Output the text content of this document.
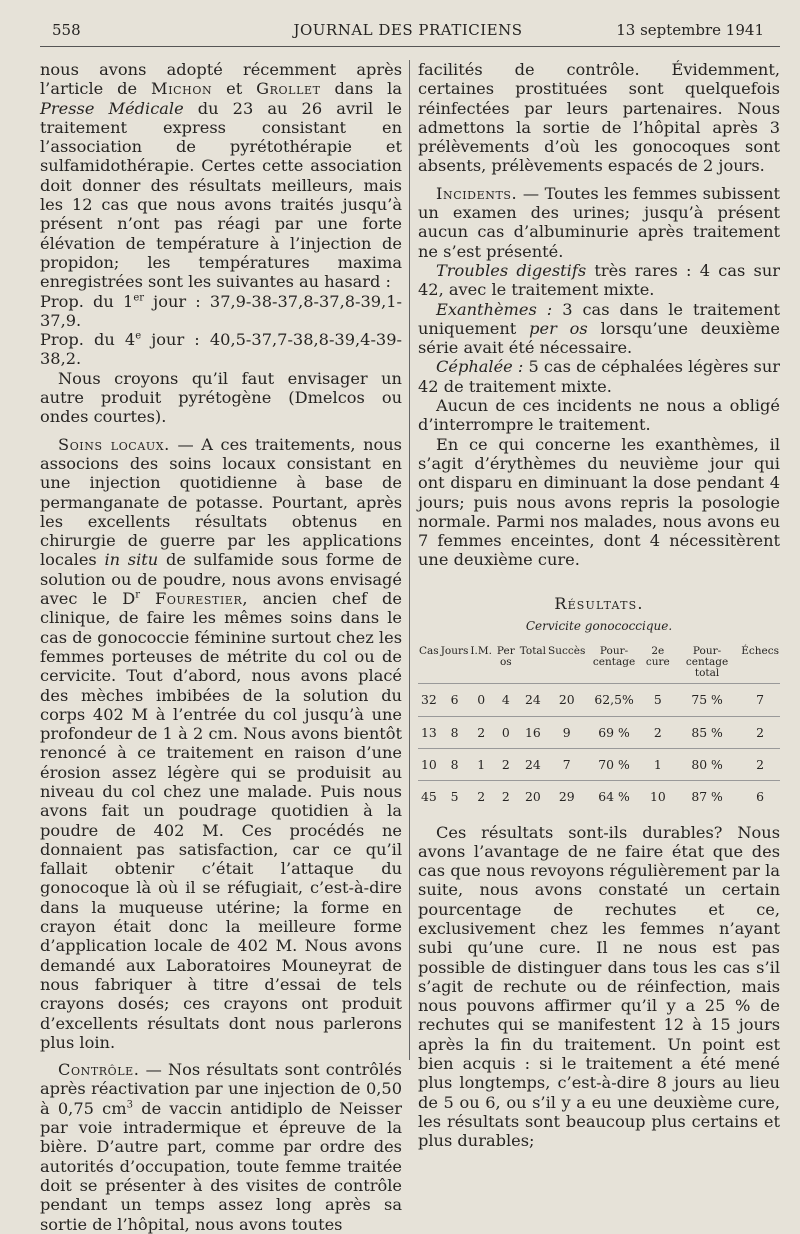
558	JOURNAL DES PRATICIENS	13 septembre 1941

nous avons adopté récemment après l’article de Michon et Grollet dans la Presse Médicale du 23 au 26 avril le traitement express consistant en l’association de pyrétothérapie et sulfamidothérapie. Certes cette association doit donner des résultats meilleurs, mais les 12 cas que nous avons traités jusqu’à présent n’ont pas réagi par une forte élévation de température à l’injection de propidon; les températures maxima enregistrées sont les suivantes au hasard :

Prop. du 1er jour : 37,9-38-37,8-37,8-39,1-37,9.

Prop. du 4e jour : 40,5-37,7-38,8-39,4-39-38,2.

Nous croyons qu’il faut envisager un autre produit pyrétogène (Dmelcos ou ondes courtes).

Soins locaux. — A ces traitements, nous associons des soins locaux consistant en une injection quotidienne à base de permanganate de potasse. Pourtant, après les excellents résultats obtenus en chirurgie de guerre par les applications locales in situ de sulfamide sous forme de solution ou de poudre, nous avons envisagé avec le $D^r$ Fourestier, ancien chef de clinique, de faire les mêmes soins dans le cas de gonococcie féminine surtout chez les femmes porteuses de métrite du col ou de cervicite. Tout d’abord, nous avons placé des mèches imbibées de la solution du corps 402 M à l’entrée du col jusqu’à une profondeur de 1 à 2 cm. Nous avons bientôt renoncé à ce traitement en raison d’une érosion assez légère qui se produisit au niveau du col chez une malade. Puis nous avons fait un poudrage quotidien à la poudre de 402 M. Ces procédés ne donnaient pas satisfaction, car ce qu’il fallait obtenir c’était l’attaque du gonocoque là où il se réfugiait, c’est-à-dire dans la muqueuse utérine; la forme en crayon était donc la meilleure forme d’application locale de 402 M. Nous avons demandé aux Laboratoires Mouneyrat de nous fabriquer à titre d’essai de tels crayons dosés; ces crayons ont produit d’excellents résultats dont nous parlerons plus loin.

Contrôle. — Nos résultats sont contrôlés après réactivation par une injection de 0,50 à 0,75 $cm^3$ de vaccin antidiplo de Neisser par voie intradermique et épreuve de la bière. D’autre part, comme par ordre des autorités d’occupation, toute femme traitée doit se présenter à des visites de contrôle pendant un temps assez long après sa sortie de l’hôpital, nous avons toutes

facilités de contrôle. Évidemment, certaines prostituées sont quelquefois réinfectées par leurs partenaires. Nous admettons la sortie de l’hôpital après 3 prélèvements d’où les gonocoques sont absents, prélèvements espacés de 2 jours.

Incidents. — Toutes les femmes subissent un examen des urines; jusqu’à présent aucun cas d’albuminurie après traitement ne s’est présenté.

Troubles digestifs très rares : 4 cas sur 42, avec le traitement mixte.

Exanthèmes : 3 cas dans le traitement uniquement per os lorsqu’une deuxième série avait été nécessaire.

Céphalée : 5 cas de céphalées légères sur 42 de traitement mixte.

Aucun de ces incidents ne nous a obligé d’interrompre le traitement.

En ce qui concerne les exanthèmes, il s’agit d’érythèmes du neuvième jour qui ont disparu en diminuant la dose pendant 4 jours; puis nous avons repris la posologie normale. Parmi nos malades, nous avons eu 7 femmes enceintes, dont 4 nécessitèrent une deuxième cure.

Résultats.
Cervicite gonococcique.
Cas	Jours	I.M.	Per os	Total	Succès	Pour-centage	2e cure	Pour-centage total	Échecs
32	6	0	4	24	20	62,5%	5	75 %	7
13	8	2	0	16	9	69 %	2	85 %	2
10	8	1	2	24	7	70 %	1	80 %	2
45	5	2	2	20	29	64 %	10	87 %	6

Ces résultats sont-ils durables? Nous avons l’avantage de ne faire état que des cas que nous revoyons régulièrement par la suite, nous avons constaté un certain pourcentage de rechutes et ce, exclusivement chez les femmes n’ayant subi qu’une cure. Il ne nous est pas possible de distinguer dans tous les cas s’il s’agit de rechute ou de réinfection, mais nous pouvons affirmer qu’il y a 25 % de rechutes qui se manifestent 12 à 15 jours après la fin du traitement. Un point est bien acquis : si le traitement a été mené plus longtemps, c’est-à-dire 8 jours au lieu de 5 ou 6, ou s’il y a eu une deuxième cure, les résultats sont beaucoup plus certains et plus durables;
